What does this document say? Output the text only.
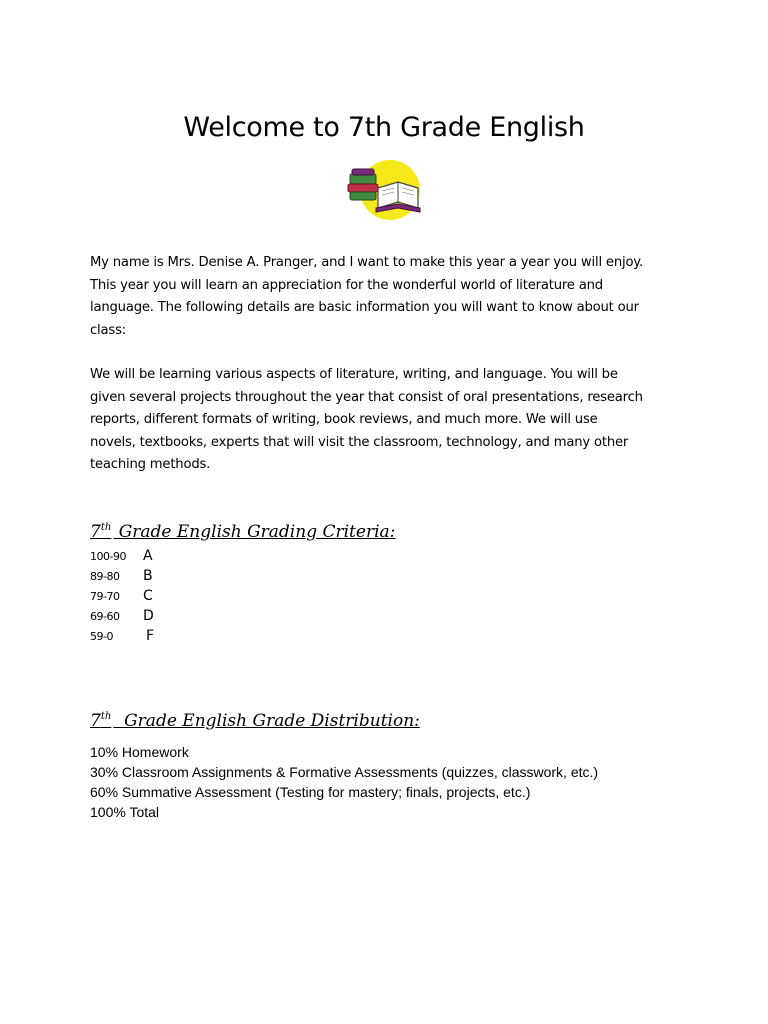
Welcome to 7th Grade English
My name is Mrs. Denise A. Pranger, and I want to make this year a year you will enjoy.
This year you will learn an appreciation for the wonderful world of literature and
language. The following details are basic information you will want to know about our
class:
We will be learning various aspects of literature, writing, and language. You will be
given several projects throughout the year that consist of oral presentations, research
reports, different formats of writing, book reviews, and much more. We will use
novels, textbooks, experts that will visit the classroom, technology, and many other
teaching methods.
7th Grade English Grading Criteria:
100-90 A
89-80 B
79-70 C
69-60 D
59-0 F
7th  Grade English Grade Distribution:
10% Homework
30% Classroom Assignments & Formative Assessments (quizzes, classwork, etc.)
60% Summative Assessment (Testing for mastery; finals, projects, etc.)
100% Total
